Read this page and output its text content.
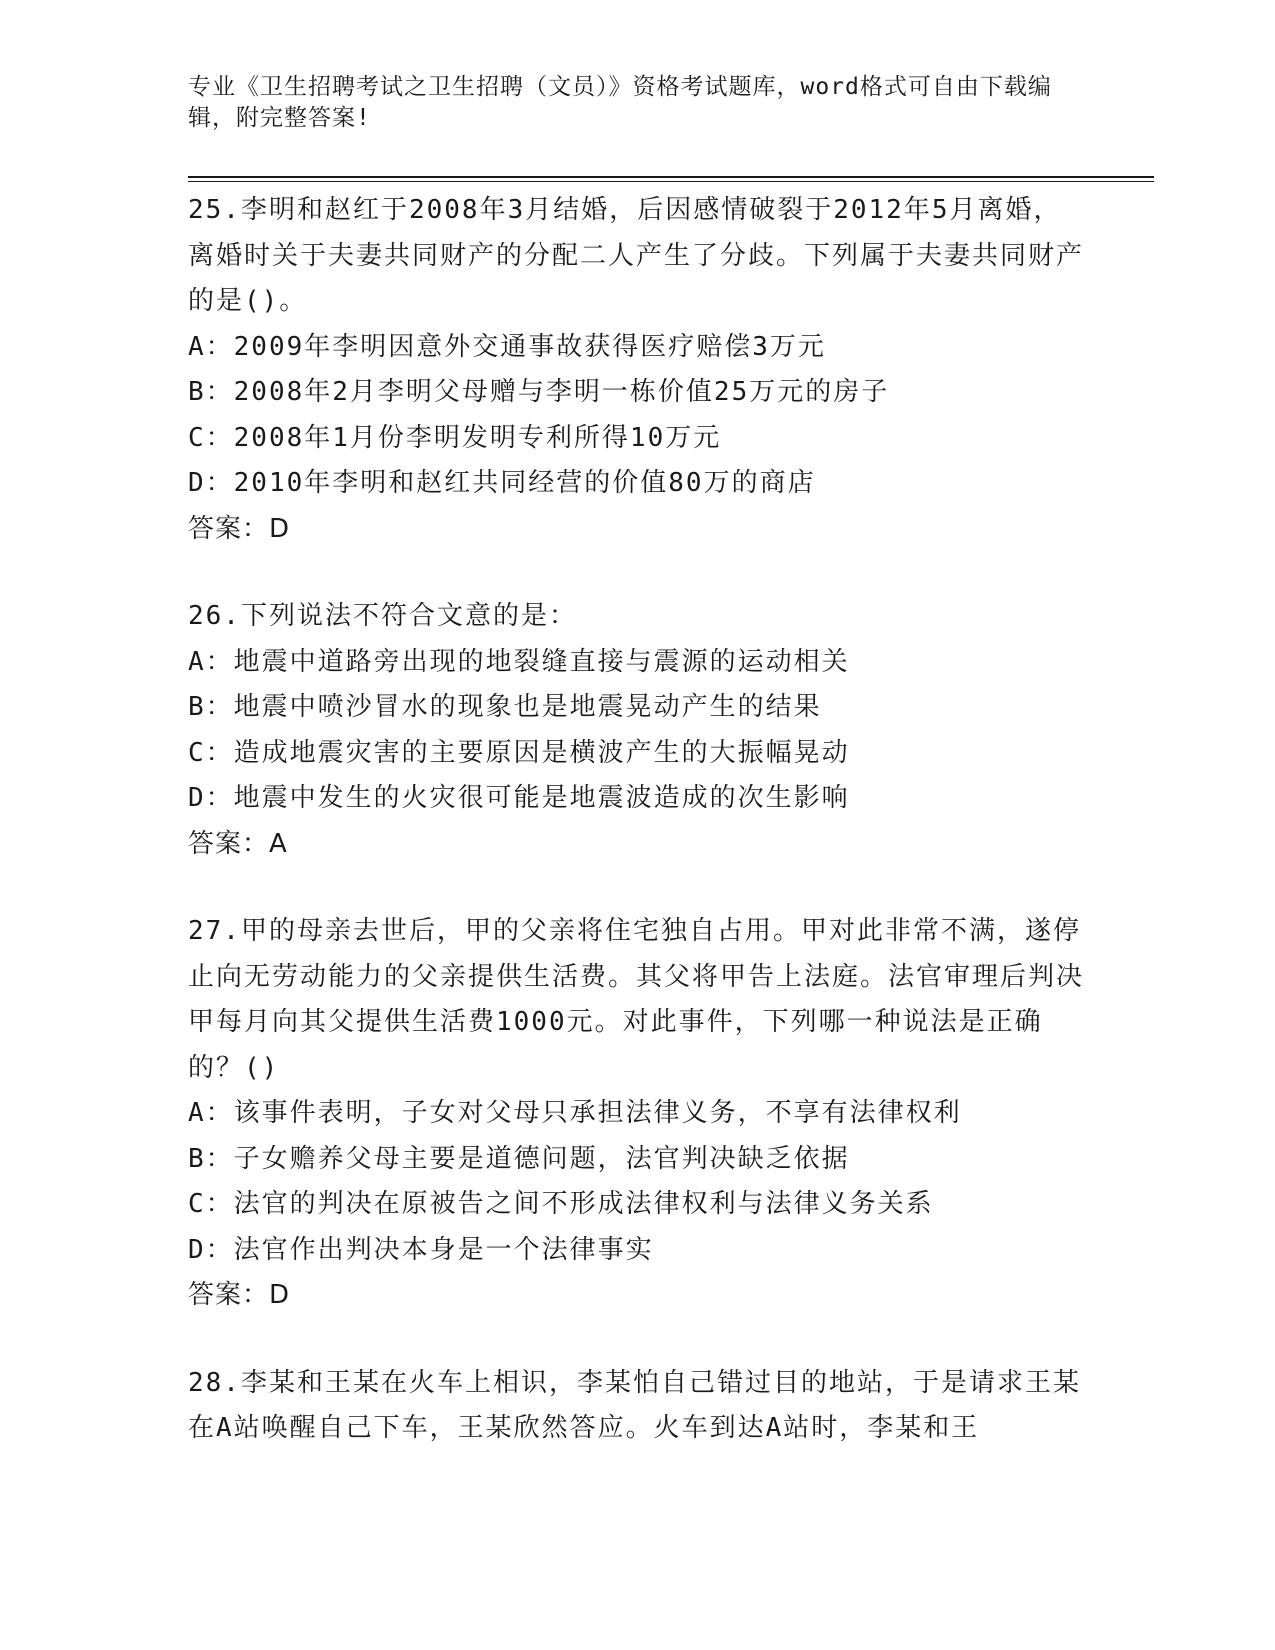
专业《卫生招聘考试之卫生招聘（文员）》资格考试题库，word格式可自由下载编辑，附完整答案!

25.李明和赵红于2008年3月结婚，后因感情破裂于2012年5月离婚，离婚时关于夫妻共同财产的分配二人产生了分歧。下列属于夫妻共同财产的是()。

A：2009年李明因意外交通事故获得医疗赔偿3万元

B：2008年2月李明父母赠与李明一栋价值25万元的房子

C：2008年1月份李明发明专利所得10万元

D：2010年李明和赵红共同经营的价值80万的商店

答案：D

26.下列说法不符合文意的是：

A：地震中道路旁出现的地裂缝直接与震源的运动相关

B：地震中喷沙冒水的现象也是地震晃动产生的结果

C：造成地震灾害的主要原因是横波产生的大振幅晃动

D：地震中发生的火灾很可能是地震波造成的次生影响

答案：A

27.甲的母亲去世后，甲的父亲将住宅独自占用。甲对此非常不满，遂停止向无劳动能力的父亲提供生活费。其父将甲告上法庭。法官审理后判决甲每月向其父提供生活费1000元。对此事件，下列哪一种说法是正确的？()

A：该事件表明，子女对父母只承担法律义务，不享有法律权利

B：子女赡养父母主要是道德问题，法官判决缺乏依据

C：法官的判决在原被告之间不形成法律权利与法律义务关系

D：法官作出判决本身是一个法律事实

答案：D

28.李某和王某在火车上相识，李某怕自己错过目的地站，于是请求王某在A站唤醒自己下车，王某欣然答应。火车到达A站时，李某和王
